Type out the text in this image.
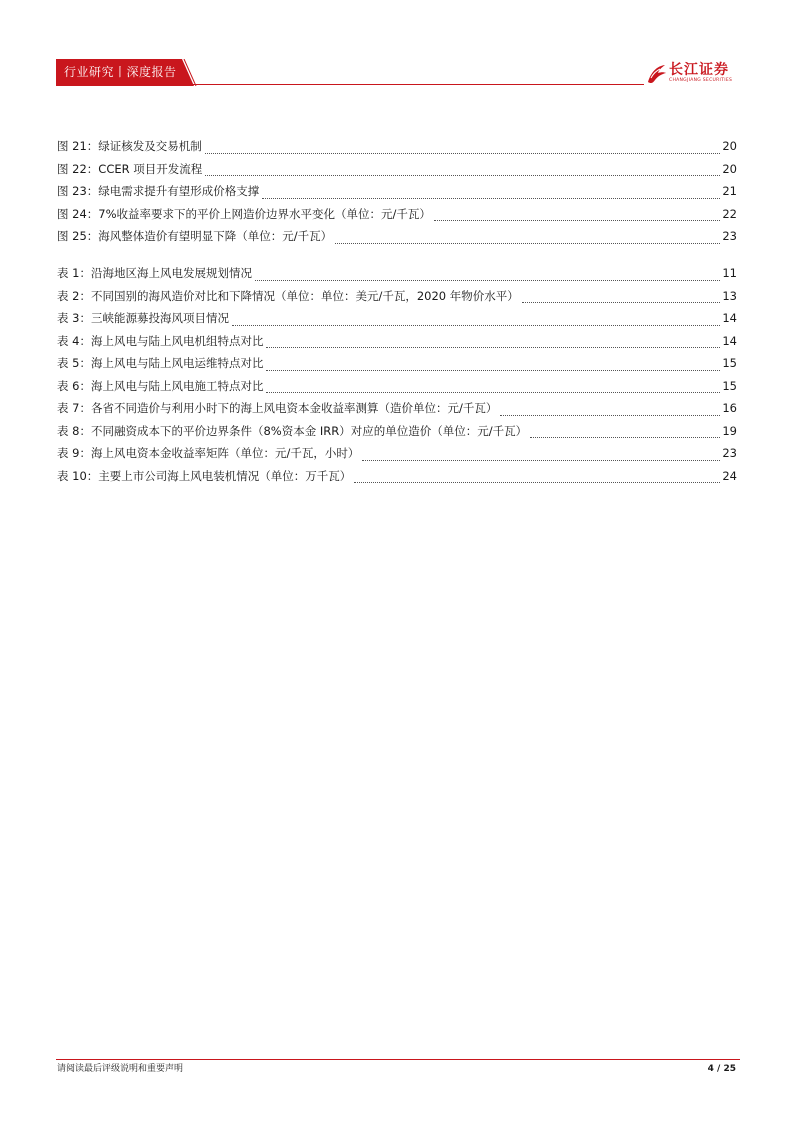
行业研究丨深度报告	长江证券
CHANGJIANG SECURITIES
图 21：绿证核发及交易机制	20
图 22：CCER 项目开发流程	20
图 23：绿电需求提升有望形成价格支撑	21
图 24：7%收益率要求下的平价上网造价边界水平变化（单位：元/千瓦）	22
图 25：海风整体造价有望明显下降（单位：元/千瓦）	23
表 1：沿海地区海上风电发展规划情况	11
表 2：不同国别的海风造价对比和下降情况（单位：单位：美元/千瓦，2020 年物价水平）	13
表 3：三峡能源募投海风项目情况	14
表 4：海上风电与陆上风电机组特点对比	14
表 5：海上风电与陆上风电运维特点对比	15
表 6：海上风电与陆上风电施工特点对比	15
表 7：各省不同造价与利用小时下的海上风电资本金收益率测算（造价单位：元/千瓦）	16
表 8：不同融资成本下的平价边界条件（8%资本金 IRR）对应的单位造价（单位：元/千瓦）	19
表 9：海上风电资本金收益率矩阵（单位：元/千瓦，小时）	23
表 10：主要上市公司海上风电装机情况（单位：万千瓦）	24
请阅读最后评级说明和重要声明	4 / 25
